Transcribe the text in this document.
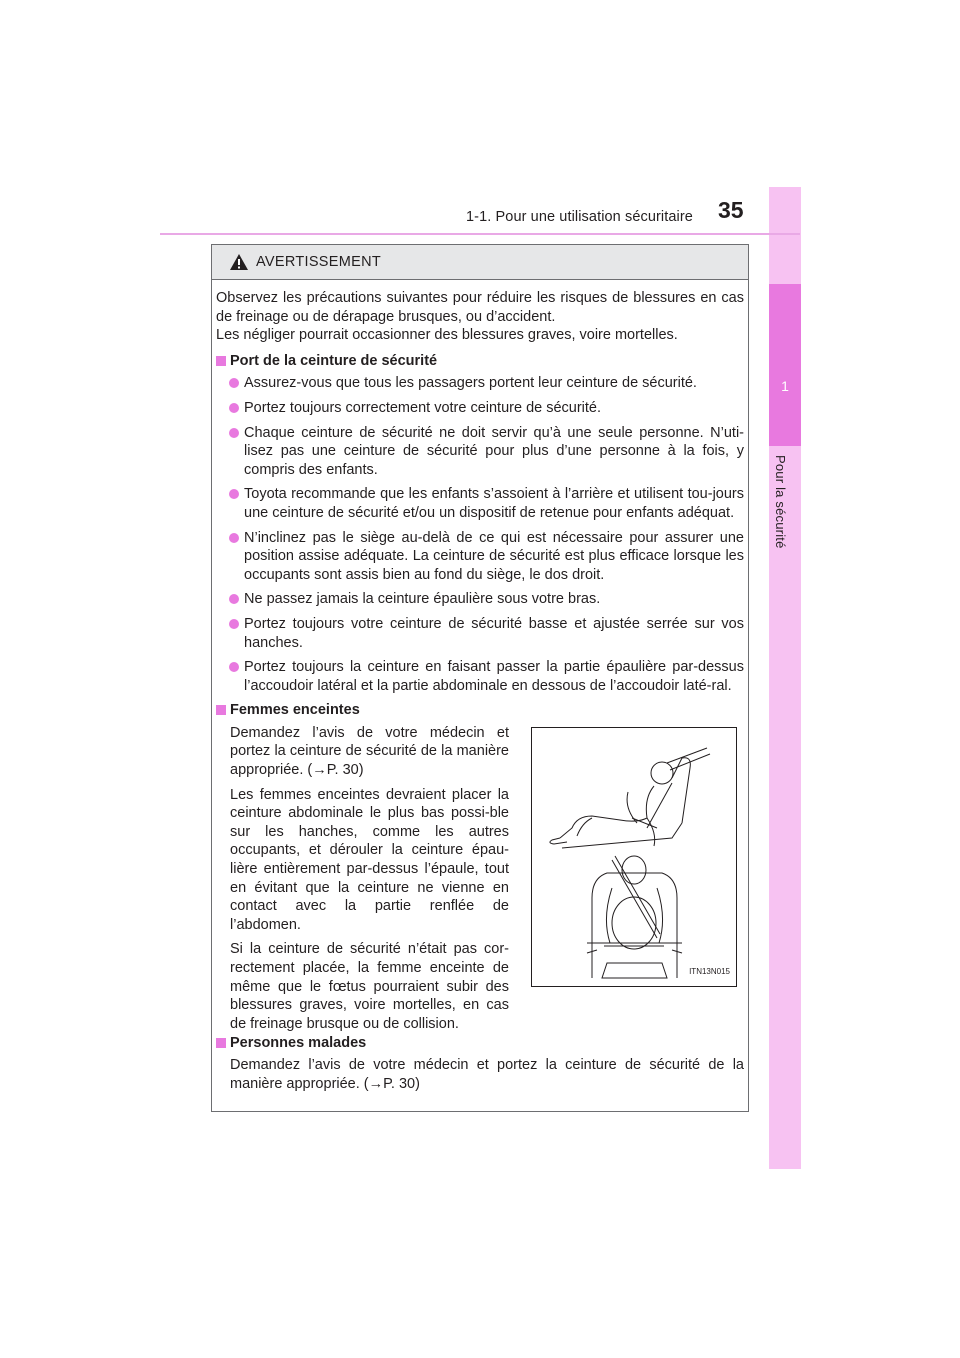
1
Pour la sécurité
1-1. Pour une utilisation sécuritaire 35
AVERTISSEMENT

Observez les précautions suivantes pour réduire les risques de blessures en cas de freinage ou de dérapage brusques, ou d’accident.

Les négliger pourrait occasionner des blessures graves, voire mortelles.

Port de la ceinture de sécurité
Assurez-vous que tous les passagers portent leur ceinture de sécurité.
Portez toujours correctement votre ceinture de sécurité.
Chaque ceinture de sécurité ne doit servir qu’à une seule personne. N’uti-lisez pas une ceinture de sécurité pour plus d’une personne à la fois, y compris des enfants.
Toyota recommande que les enfants s’assoient à l’arrière et utilisent tou-jours une ceinture de sécurité et/ou un dispositif de retenue pour enfants adéquat.
N’inclinez pas le siège au-delà de ce qui est nécessaire pour assurer une position assise adéquate. La ceinture de sécurité est plus efficace lorsque les occupants sont assis bien au fond du siège, le dos droit.
Ne passez jamais la ceinture épaulière sous votre bras.
Portez toujours votre ceinture de sécurité basse et ajustée serrée sur vos hanches.
Portez toujours la ceinture en faisant passer la partie épaulière par-dessus l’accoudoir latéral et la partie abdominale en dessous de l’accoudoir laté-ral.
Femmes enceintes

Demandez l’avis de votre médecin et portez la ceinture de sécurité de la manière appropriée. (→P. 30)

Les femmes enceintes devraient placer la ceinture abdominale le plus bas possi-ble sur les hanches, comme les autres occupants, et dérouler la ceinture épau-lière entièrement par-dessus l’épaule, tout en évitant que la ceinture ne vienne en contact avec la partie renflée de l’abdomen.

Si la ceinture de sécurité n’était pas cor-rectement placée, la femme enceinte de même que le fœtus pourraient subir des blessures graves, voire mortelles, en cas de freinage brusque ou de collision.

ITN13N015
Personnes malades

Demandez l’avis de votre médecin et portez la ceinture de sécurité de la manière appropriée. (→P. 30)
